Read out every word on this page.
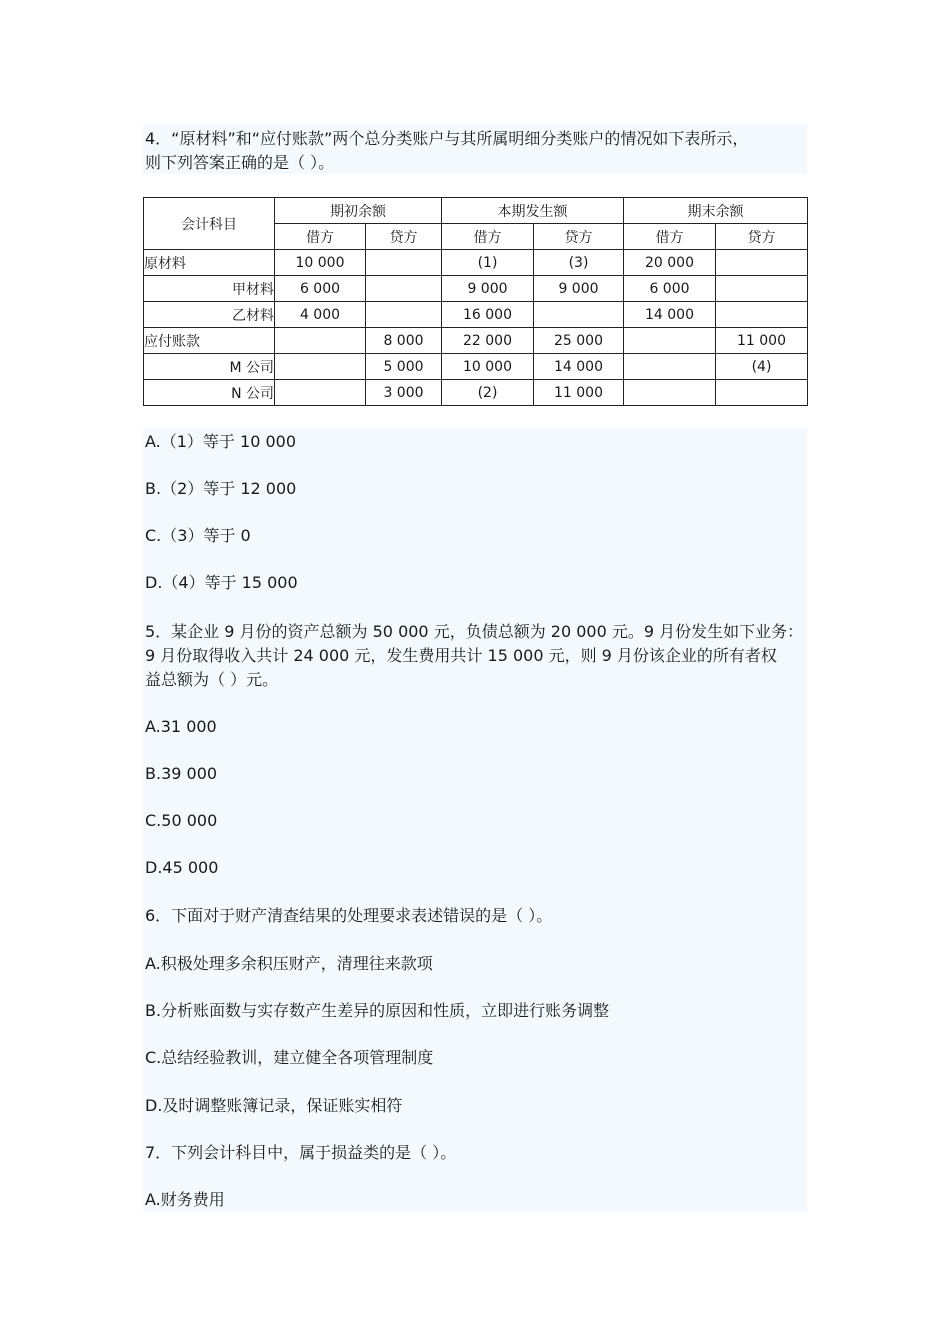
4．“原材料”和“应付账款”两个总分类账户与其所属明细分类账户的情况如下表所示，
则下列答案正确的是（ ）。
会计科目	期初余额		本期发生额		期末余额	
	借方	贷方	借方	贷方	借方	贷方
原材料	10 000		(1)	(3)	20 000	
甲材料	6 000		9 000	9 000	6 000	
乙材料	4 000		16 000		14 000	
应付账款		8 000	22 000	25 000		11 000
M 公司		5 000	10 000	14 000		(4)
N 公司		3 000	(2)	11 000		
A.（1）等于 10 000
B.（2）等于 12 000
C.（3）等于 0
D.（4）等于 15 000
5．某企业 9 月份的资产总额为 50 000 元，负债总额为 20 000 元。9 月份发生如下业务：
9 月份取得收入共计 24 000 元，发生费用共计 15 000 元，则 9 月份该企业的所有者权
益总额为（ ）元。
A.31 000
B.39 000
C.50 000
D.45 000
6．下面对于财产清查结果的处理要求表述错误的是（ ）。
A.积极处理多余积压财产，清理往来款项
B.分析账面数与实存数产生差异的原因和性质，立即进行账务调整
C.总结经验教训，建立健全各项管理制度
D.及时调整账簿记录，保证账实相符
7．下列会计科目中，属于损益类的是（ ）。
A.财务费用
